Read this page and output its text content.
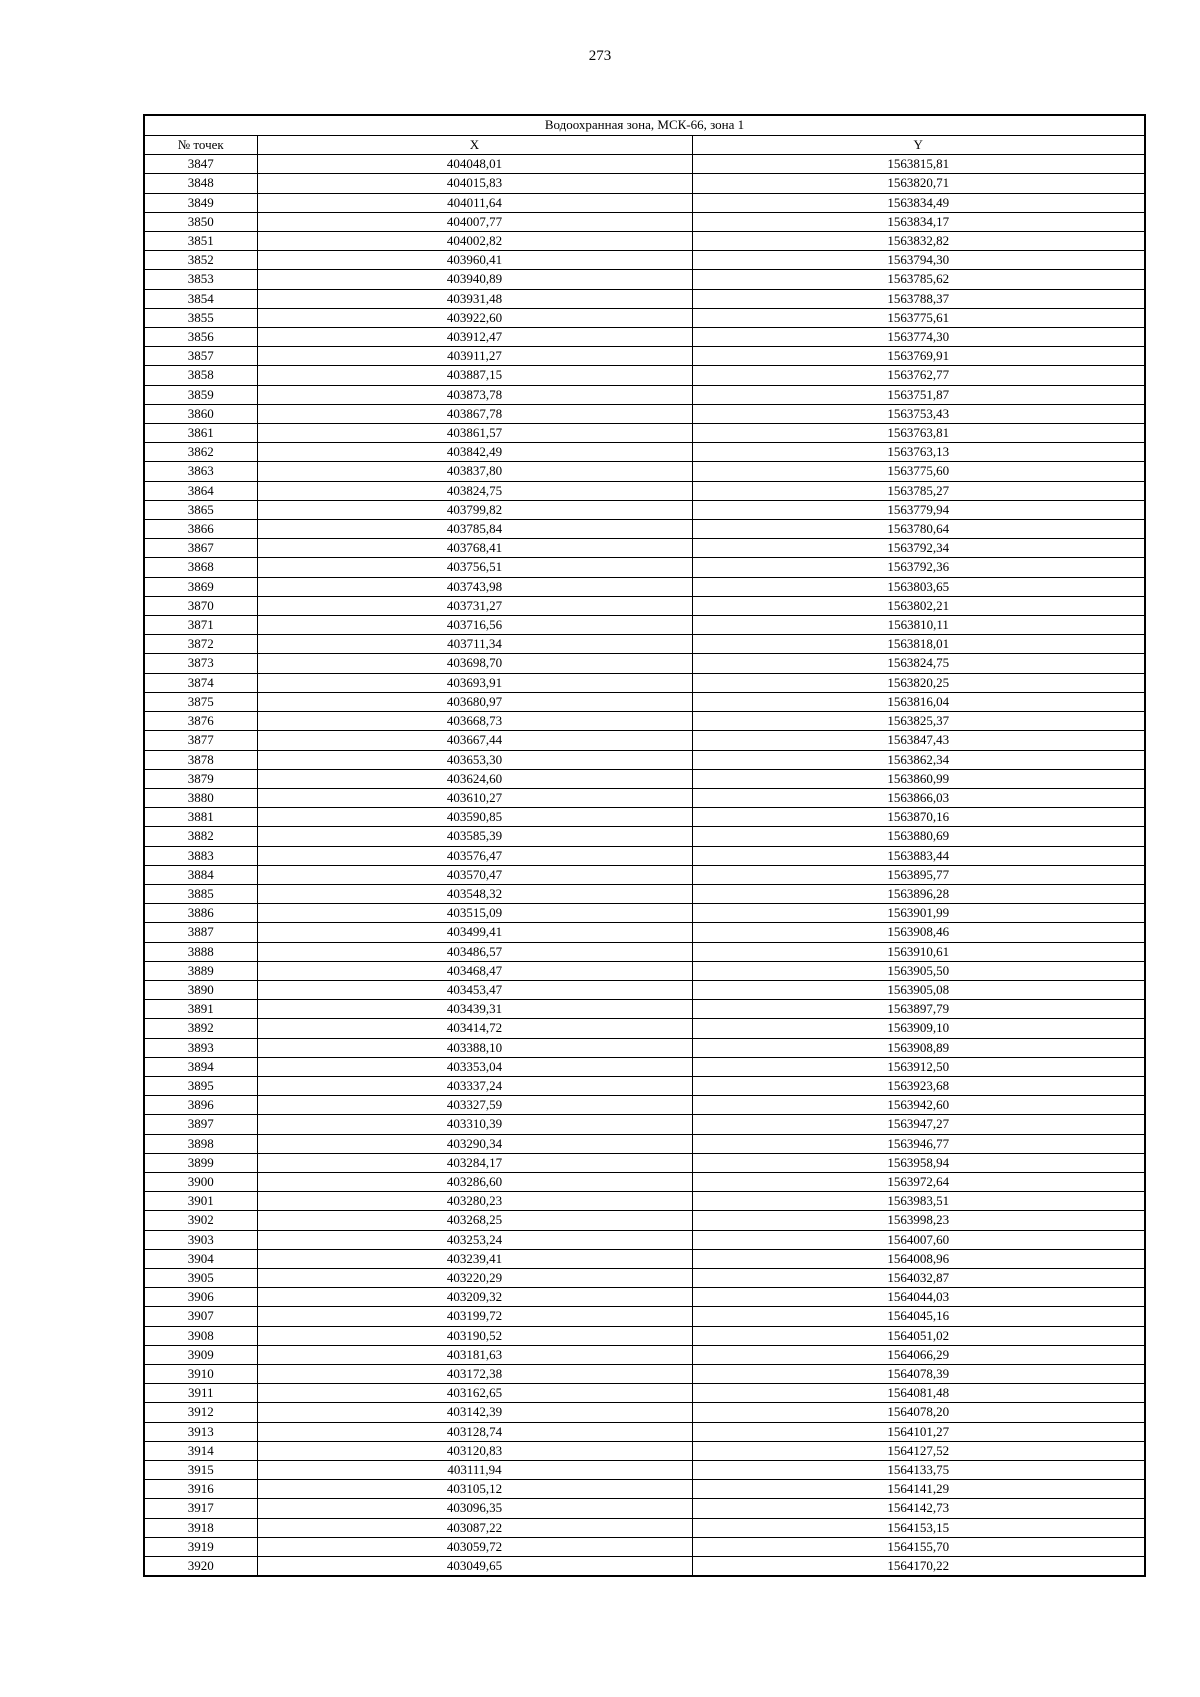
273
Водоохранная зона, МСК-66, зона 1		
№ точек	X	Y
3847	404048,01	1563815,81
3848	404015,83	1563820,71
3849	404011,64	1563834,49
3850	404007,77	1563834,17
3851	404002,82	1563832,82
3852	403960,41	1563794,30
3853	403940,89	1563785,62
3854	403931,48	1563788,37
3855	403922,60	1563775,61
3856	403912,47	1563774,30
3857	403911,27	1563769,91
3858	403887,15	1563762,77
3859	403873,78	1563751,87
3860	403867,78	1563753,43
3861	403861,57	1563763,81
3862	403842,49	1563763,13
3863	403837,80	1563775,60
3864	403824,75	1563785,27
3865	403799,82	1563779,94
3866	403785,84	1563780,64
3867	403768,41	1563792,34
3868	403756,51	1563792,36
3869	403743,98	1563803,65
3870	403731,27	1563802,21
3871	403716,56	1563810,11
3872	403711,34	1563818,01
3873	403698,70	1563824,75
3874	403693,91	1563820,25
3875	403680,97	1563816,04
3876	403668,73	1563825,37
3877	403667,44	1563847,43
3878	403653,30	1563862,34
3879	403624,60	1563860,99
3880	403610,27	1563866,03
3881	403590,85	1563870,16
3882	403585,39	1563880,69
3883	403576,47	1563883,44
3884	403570,47	1563895,77
3885	403548,32	1563896,28
3886	403515,09	1563901,99
3887	403499,41	1563908,46
3888	403486,57	1563910,61
3889	403468,47	1563905,50
3890	403453,47	1563905,08
3891	403439,31	1563897,79
3892	403414,72	1563909,10
3893	403388,10	1563908,89
3894	403353,04	1563912,50
3895	403337,24	1563923,68
3896	403327,59	1563942,60
3897	403310,39	1563947,27
3898	403290,34	1563946,77
3899	403284,17	1563958,94
3900	403286,60	1563972,64
3901	403280,23	1563983,51
3902	403268,25	1563998,23
3903	403253,24	1564007,60
3904	403239,41	1564008,96
3905	403220,29	1564032,87
3906	403209,32	1564044,03
3907	403199,72	1564045,16
3908	403190,52	1564051,02
3909	403181,63	1564066,29
3910	403172,38	1564078,39
3911	403162,65	1564081,48
3912	403142,39	1564078,20
3913	403128,74	1564101,27
3914	403120,83	1564127,52
3915	403111,94	1564133,75
3916	403105,12	1564141,29
3917	403096,35	1564142,73
3918	403087,22	1564153,15
3919	403059,72	1564155,70
3920	403049,65	1564170,22
